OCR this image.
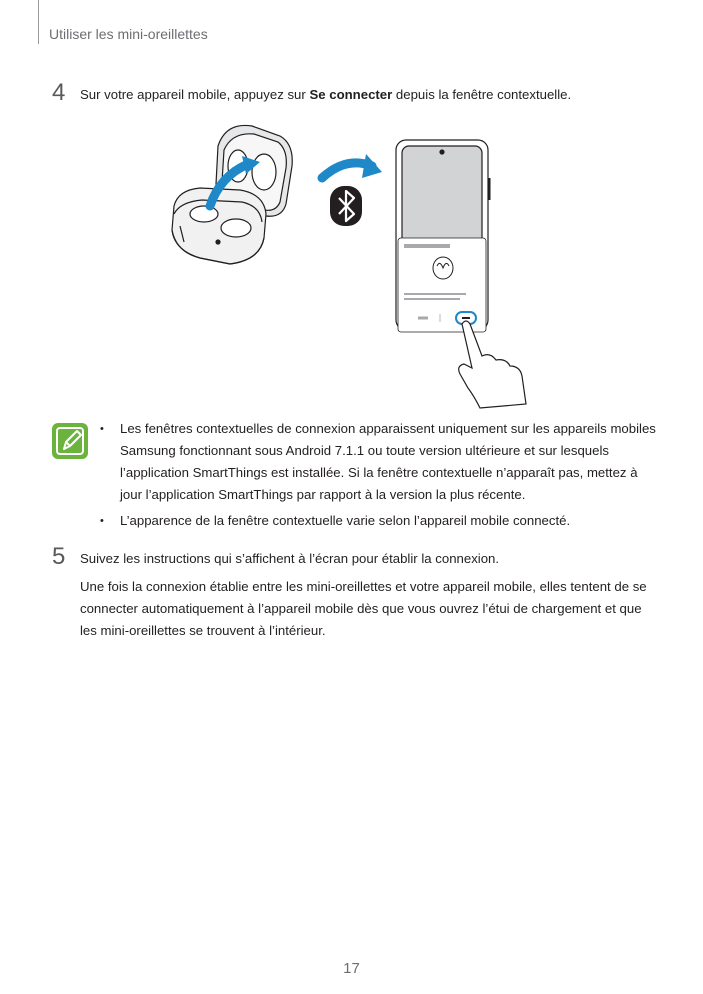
Utiliser les mini-oreillettes
4 Sur votre appareil mobile, appuyez sur Se connecter depuis la fenêtre contextuelle.
• Les fenêtres contextuelles de connexion apparaissent uniquement sur les appareils mobiles Samsung fonctionnant sous Android 7.1.1 ou toute version ultérieure et sur lesquels l’application SmartThings est installée. Si la fenêtre contextuelle n’apparaît pas, mettez à jour l’application SmartThings par rapport à la version la plus récente.
• L’apparence de la fenêtre contextuelle varie selon l’appareil mobile connecté.
5 Suivez les instructions qui s’affichent à l’écran pour établir la connexion.
Une fois la connexion établie entre les mini-oreillettes et votre appareil mobile, elles tentent de se connecter automatiquement à l’appareil mobile dès que vous ouvrez l’étui de chargement et que les mini-oreillettes se trouvent à l’intérieur.
17
